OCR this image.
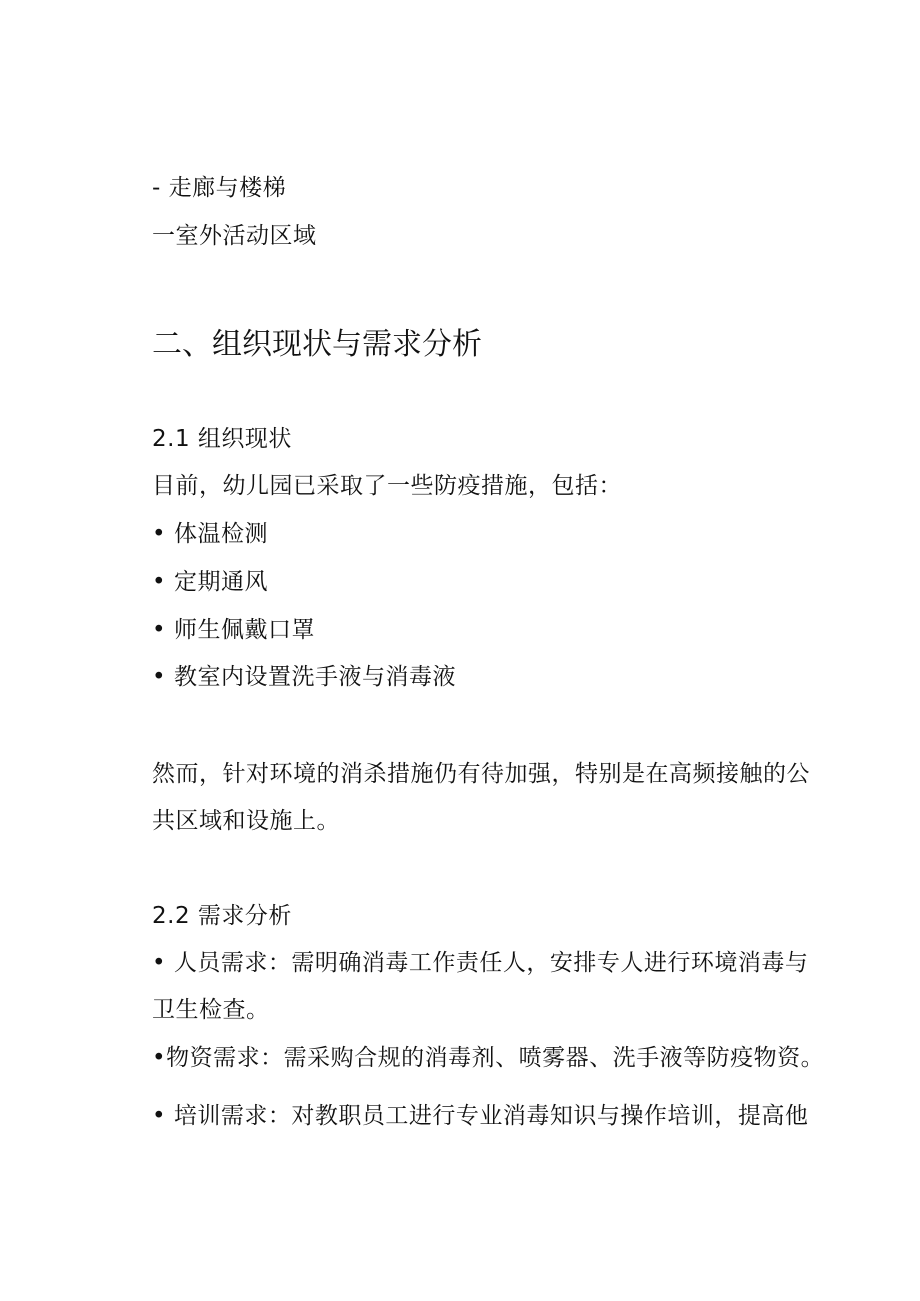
- 走廊与楼梯
一室外活动区域
二、组织现状与需求分析
2.1 组织现状
目前，幼儿园已采取了一些防疫措施，包括：
• 体温检测
• 定期通风
• 师生佩戴口罩
• 教室内设置洗手液与消毒液
然而，针对环境的消杀措施仍有待加强，特别是在高频接触的公
共区域和设施上。
2.2 需求分析
• 人员需求：需明确消毒工作责任人，安排专人进行环境消毒与
卫生检查。
•物资需求：需采购合规的消毒剂、喷雾器、洗手液等防疫物资。
• 培训需求：对教职员工进行专业消毒知识与操作培训，提高他
